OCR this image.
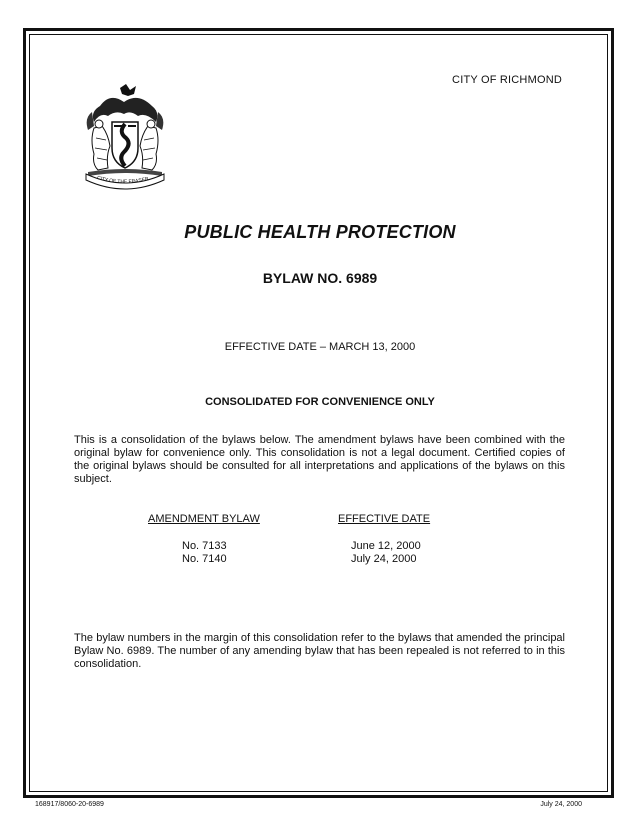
CITY OF RICHMOND
CITY OF THE FRASER
PUBLIC HEALTH PROTECTION
BYLAW NO. 6989
EFFECTIVE DATE – MARCH 13, 2000
CONSOLIDATED FOR CONVENIENCE ONLY
This is a consolidation of the bylaws below. The amendment bylaws have been combined with the original bylaw for convenience only. This consolidation is not a legal document. Certified copies of the original bylaws should be consulted for all interpretations and applications of the bylaws on this subject.
AMENDMENT BYLAW
No. 7133
No. 7140
EFFECTIVE DATE
June 12, 2000
July 24, 2000
The bylaw numbers in the margin of this consolidation refer to the bylaws that amended the principal Bylaw No. 6989. The number of any amending bylaw that has been repealed is not referred to in this consolidation.
168917/8060-20-6989	July 24, 2000
